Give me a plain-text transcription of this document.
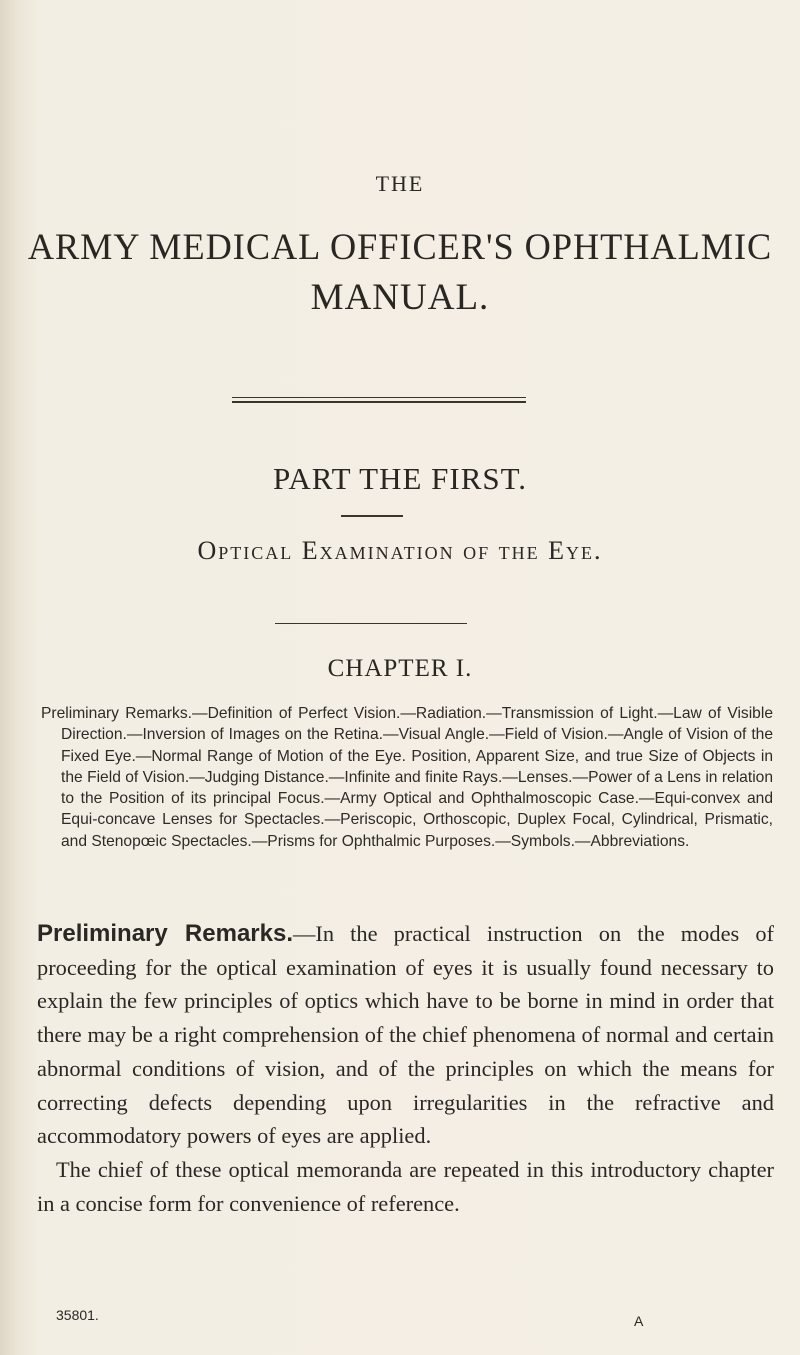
THE

ARMY MEDICAL OFFICER'S OPHTHALMIC

MANUAL.

PART THE FIRST.

Optical Examination of the Eye.

CHAPTER I.

Preliminary Remarks.—Definition of Perfect Vision.—Radiation.—Transmission of Light.—Law of Visible Direction.—Inversion of Images on the Retina.—Visual Angle.—Field of Vision.—Angle of Vision of the Fixed Eye.—Normal Range of Motion of the Eye. Position, Apparent Size, and true Size of Objects in the Field of Vision.—Judging Distance.—Infinite and finite Rays.—Lenses.—Power of a Lens in relation to the Position of its principal Focus.—Army Optical and Ophthalmoscopic Case.—Equi-convex and Equi-concave Lenses for Spectacles.—Periscopic, Orthoscopic, Duplex Focal, Cylindrical, Prismatic, and Stenopœic Spectacles.—Prisms for Ophthalmic Purposes.—Symbols.—Abbreviations.

Preliminary Remarks.—In the practical instruction on the modes of proceeding for the optical examination of eyes it is usually found necessary to explain the few principles of optics which have to be borne in mind in order that there may be a right comprehension of the chief phenomena of normal and certain abnormal conditions of vision, and of the principles on which the means for correcting defects depending upon irregularities in the refractive and accommodatory powers of eyes are applied.

The chief of these optical memoranda are repeated in this introductory chapter in a concise form for convenience of reference.

35801.	A
